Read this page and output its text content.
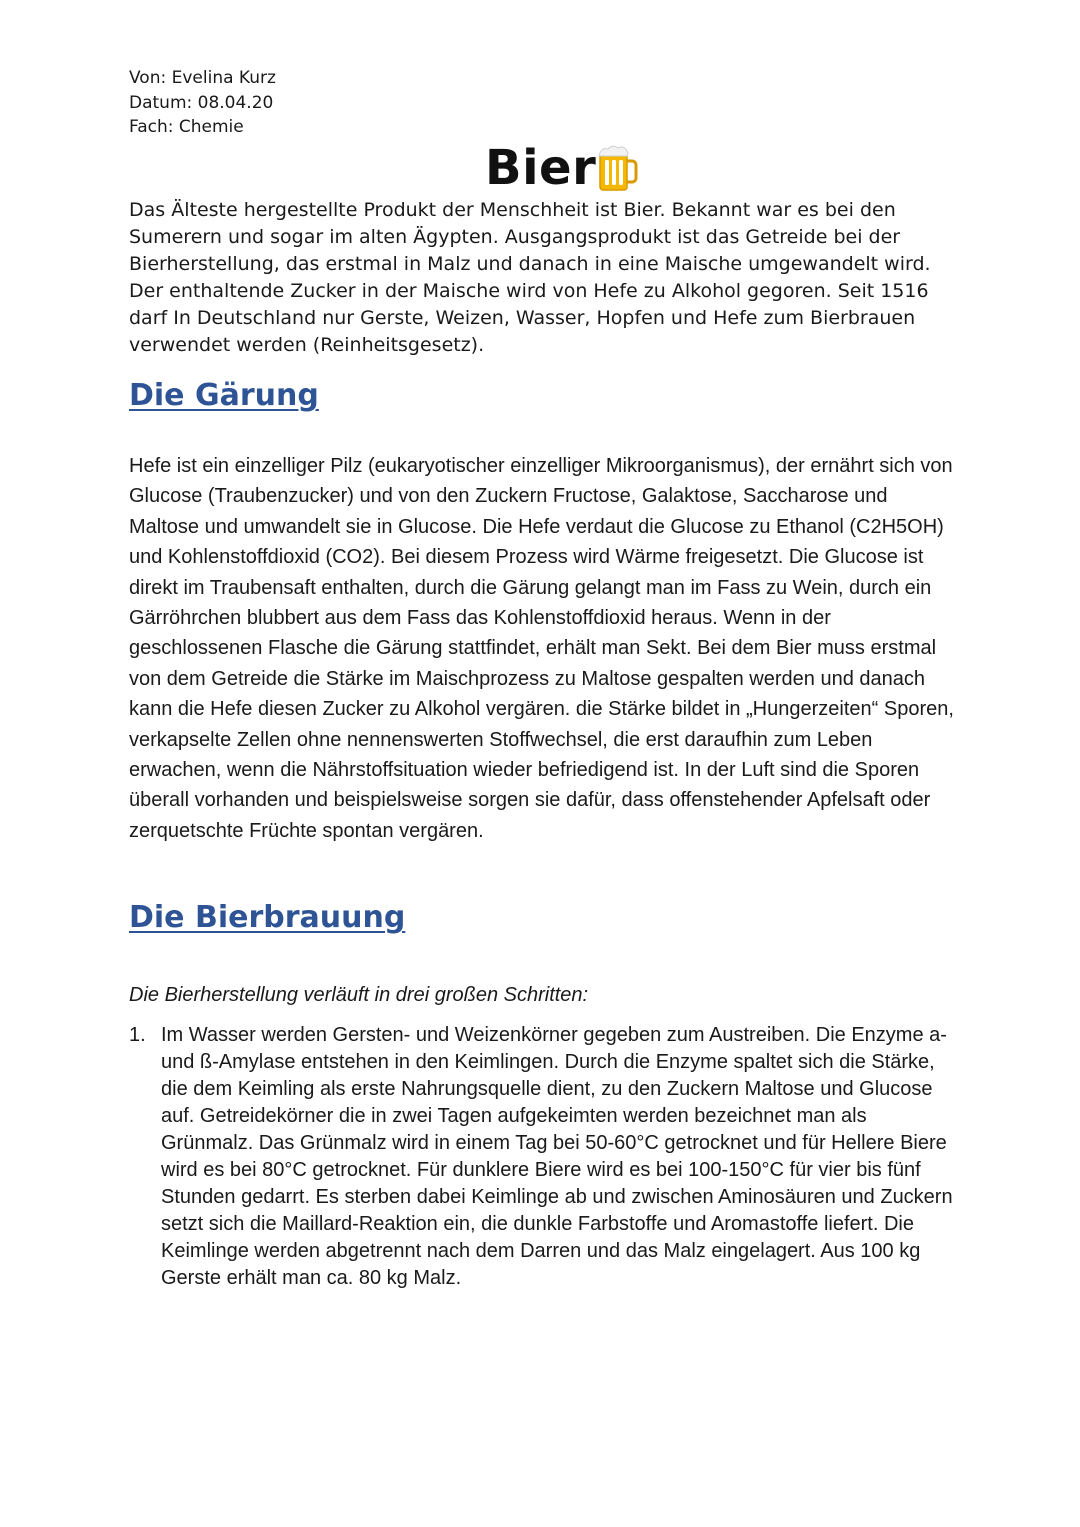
Von: Evelina Kurz
Datum: 08.04.20
Fach: Chemie
Bier

Das Älteste hergestellte Produkt der Menschheit ist Bier. Bekannt war es bei den Sumerern und sogar im alten Ägypten. Ausgangsprodukt ist das Getreide bei der Bierherstellung, das erstmal in Malz und danach in eine Maische umgewandelt wird. Der enthaltende Zucker in der Maische wird von Hefe zu Alkohol gegoren. Seit 1516 darf In Deutschland nur Gerste, Weizen, Wasser, Hopfen und Hefe zum Bierbrauen verwendet werden (Reinheitsgesetz).

Die Gärung

Hefe ist ein einzelliger Pilz (eukaryotischer einzelliger Mikroorganismus), der ernährt sich von Glucose (Traubenzucker) und von den Zuckern Fructose, Galaktose, Saccharose und Maltose und umwandelt sie in Glucose. Die Hefe verdaut die Glucose zu Ethanol (C2H5OH) und Kohlenstoffdioxid (CO2). Bei diesem Prozess wird Wärme freigesetzt. Die Glucose ist direkt im Traubensaft enthalten, durch die Gärung gelangt man im Fass zu Wein, durch ein Gärröhrchen blubbert aus dem Fass das Kohlenstoffdioxid heraus. Wenn in der geschlossenen Flasche die Gärung stattfindet, erhält man Sekt. Bei dem Bier muss erstmal von dem Getreide die Stärke im Maischprozess zu Maltose gespalten werden und danach kann die Hefe diesen Zucker zu Alkohol vergären. die Stärke bildet in „Hungerzeiten“ Sporen, verkapselte Zellen ohne nennenswerten Stoffwechsel, die erst daraufhin zum Leben erwachen, wenn die Nährstoffsituation wieder befriedigend ist. In der Luft sind die Sporen überall vorhanden und beispielsweise sorgen sie dafür, dass offenstehender Apfelsaft oder zerquetschte Früchte spontan vergären.

Die Bierbrauung

Die Bierherstellung verläuft in drei großen Schritten:

1. Im Wasser werden Gersten- und Weizenkörner gegeben zum Austreiben. Die Enzyme a- und ß-Amylase entstehen in den Keimlingen. Durch die Enzyme spaltet sich die Stärke, die dem Keimling als erste Nahrungsquelle dient, zu den Zuckern Maltose und Glucose auf. Getreidekörner die in zwei Tagen aufgekeimten werden bezeichnet man als Grünmalz. Das Grünmalz wird in einem Tag bei 50-60°C getrocknet und für Hellere Biere wird es bei 80°C getrocknet. Für dunklere Biere wird es bei 100-150°C für vier bis fünf Stunden gedarrt. Es sterben dabei Keimlinge ab und zwischen Aminosäuren und Zuckern setzt sich die Maillard-Reaktion ein, die dunkle Farbstoffe und Aromastoffe liefert. Die Keimlinge werden abgetrennt nach dem Darren und das Malz eingelagert. Aus 100 kg Gerste erhält man ca. 80 kg Malz.
